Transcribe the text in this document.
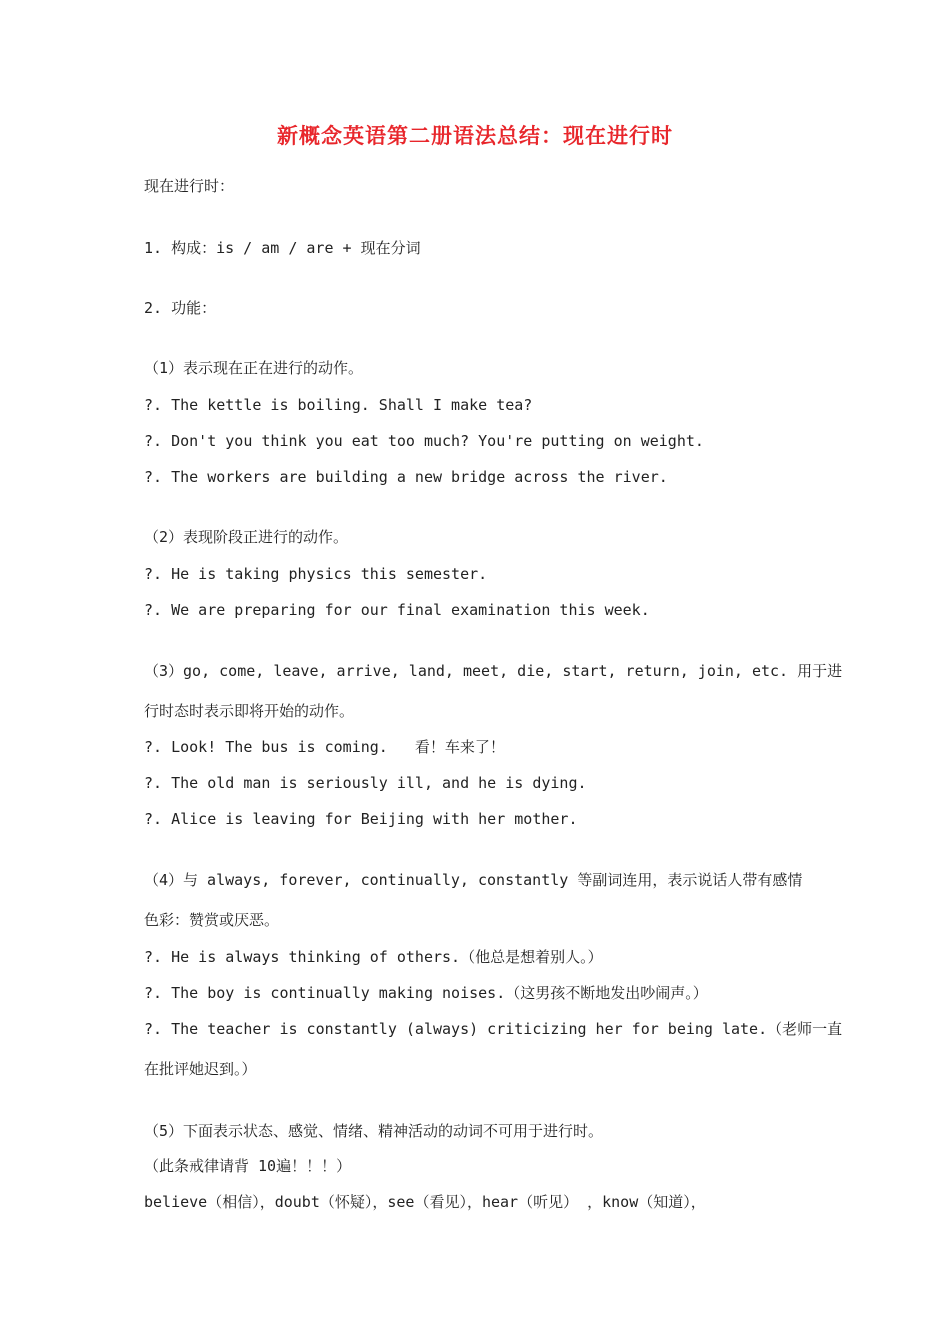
新概念英语第二册语法总结：现在进行时
现在进行时：
1. 构成：is / am / are + 现在分词
2. 功能：
（1）表示现在正在进行的动作。
?. The kettle is boiling. Shall I make tea?
?. Don't you think you eat too much? You're putting on weight.
?. The workers are building a new bridge across the river.
（2）表现阶段正进行的动作。
?. He is taking physics this semester.
?. We are preparing for our final examination this week.
（3）go, come, leave, arrive, land, meet, die, start, return, join, etc. 用于进
行时态时表示即将开始的动作。
?. Look! The bus is coming.   看！车来了！
?. The old man is seriously ill, and he is dying.
?. Alice is leaving for Beijing with her mother.
（4）与 always, forever, continually, constantly 等副词连用，表示说话人带有感情
色彩：赞赏或厌恶。
?. He is always thinking of others.（他总是想着别人。）
?. The boy is continually making noises.（这男孩不断地发出吵闹声。）
?. The teacher is constantly (always) criticizing her for being late.（老师一直
在批评她迟到。）
（5）下面表示状态、感觉、情绪、精神活动的动词不可用于进行时。
（此条戒律请背 10遍！！！）
believe（相信），doubt（怀疑），see（看见），hear（听见） ，know（知道），
